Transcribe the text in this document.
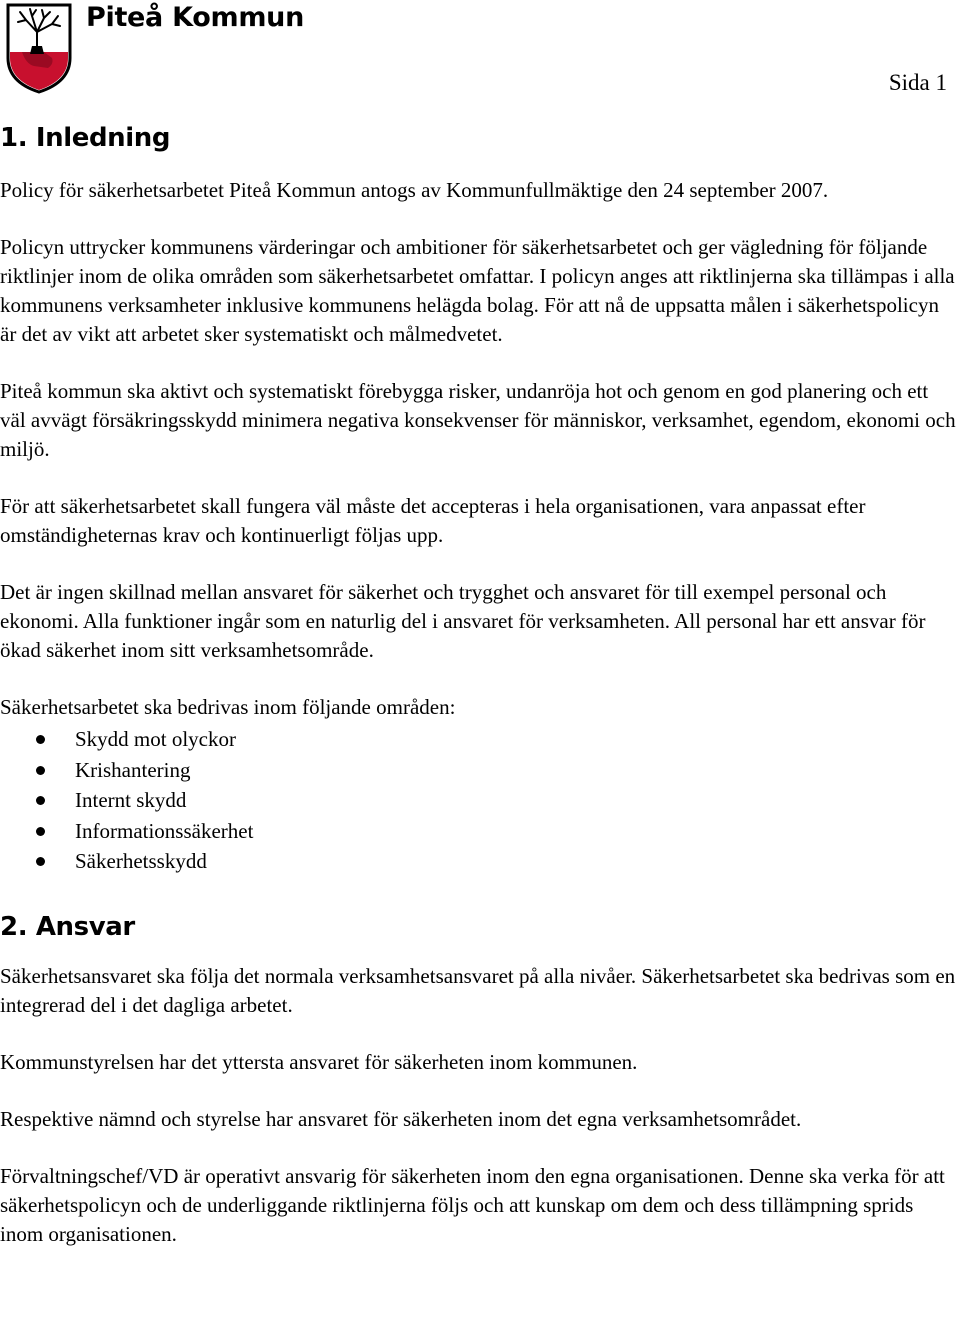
Piteå Kommun
Sida 1
1. Inledning

Policy för säkerhetsarbetet Piteå Kommun antogs av Kommunfullmäktige den 24 september 2007.

Policyn uttrycker kommunens värderingar och ambitioner för säkerhetsarbetet och ger vägledning för följande riktlinjer inom de olika områden som säkerhetsarbetet omfattar. I policyn anges att riktlinjerna ska tillämpas i alla kommunens verksamheter inklusive kommunens helägda bolag. För att nå de uppsatta målen i säkerhetspolicyn är det av vikt att arbetet sker systematiskt och målmedvetet.

Piteå kommun ska aktivt och systematiskt förebygga risker, undanröja hot och genom en god planering och ett väl avvägt försäkringsskydd minimera negativa konsekvenser för människor, verksamhet, egendom, ekonomi och miljö.

För att säkerhetsarbetet skall fungera väl måste det accepteras i hela organisationen, vara anpassat efter omständigheternas krav och kontinuerligt följas upp.

Det är ingen skillnad mellan ansvaret för säkerhet och trygghet och ansvaret för till exempel personal och ekonomi. Alla funktioner ingår som en naturlig del i ansvaret för verksamheten. All personal har ett ansvar för ökad säkerhet inom sitt verksamhetsområde.

Säkerhetsarbetet ska bedrivas inom följande områden:

Skydd mot olyckor
Krishantering
Internt skydd
Informationssäkerhet
Säkerhetsskydd
2. Ansvar

Säkerhetsansvaret ska följa det normala verksamhetsansvaret på alla nivåer. Säkerhetsarbetet ska bedrivas som en integrerad del i det dagliga arbetet.

Kommunstyrelsen har det yttersta ansvaret för säkerheten inom kommunen.

Respektive nämnd och styrelse har ansvaret för säkerheten inom det egna verksamhetsområdet.

Förvaltningschef/VD är operativt ansvarig för säkerheten inom den egna organisationen. Denne ska verka för att säkerhetspolicyn och de underliggande riktlinjerna följs och att kunskap om dem och dess tillämpning sprids inom organisationen.
